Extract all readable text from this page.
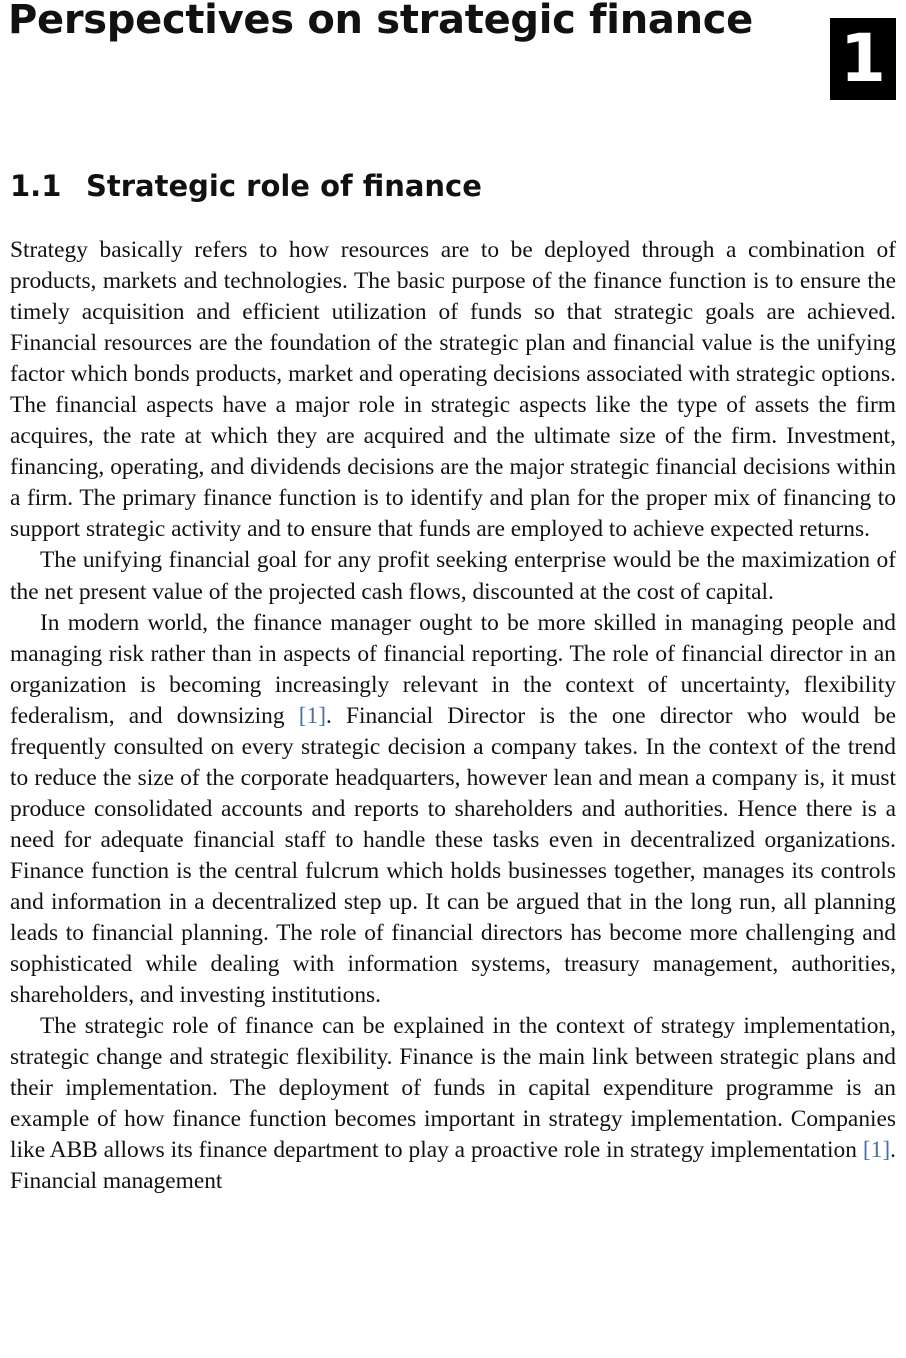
Perspectives on strategic finance 1
1.1 Strategic role of finance

Strategy basically refers to how resources are to be deployed through a combination of products, markets and technologies. The basic purpose of the finance function is to ensure the timely acquisition and efficient utilization of funds so that strategic goals are achieved. Financial resources are the foundation of the strategic plan and financial value is the unifying factor which bonds products, market and operating decisions associated with strategic options. The financial aspects have a major role in strategic aspects like the type of assets the firm acquires, the rate at which they are acquired and the ultimate size of the firm. Investment, financing, operating, and dividends decisions are the major strategic financial decisions within a firm. The primary finance function is to identify and plan for the proper mix of financing to support strategic activity and to ensure that funds are employed to achieve expected returns.

The unifying financial goal for any profit seeking enterprise would be the maximization of the net present value of the projected cash flows, discounted at the cost of capital.

In modern world, the finance manager ought to be more skilled in managing people and managing risk rather than in aspects of financial reporting. The role of financial director in an organization is becoming increasingly relevant in the context of uncertainty, flexibility federalism, and downsizing [1]. Financial Director is the one director who would be frequently consulted on every strategic decision a company takes. In the context of the trend to reduce the size of the corporate headquarters, however lean and mean a company is, it must produce consolidated accounts and reports to shareholders and authorities. Hence there is a need for adequate financial staff to handle these tasks even in decentralized organizations. Finance function is the central fulcrum which holds businesses together, manages its controls and information in a decentralized step up. It can be argued that in the long run, all planning leads to financial planning. The role of financial directors has become more challenging and sophisticated while dealing with information systems, treasury management, authorities, shareholders, and investing institutions.

The strategic role of finance can be explained in the context of strategy implementation, strategic change and strategic flexibility. Finance is the main link between strategic plans and their implementation. The deployment of funds in capital expenditure programme is an example of how finance function becomes important in strategy implementation. Companies like ABB allows its finance department to play a proactive role in strategy implementation [1]. Financial management
